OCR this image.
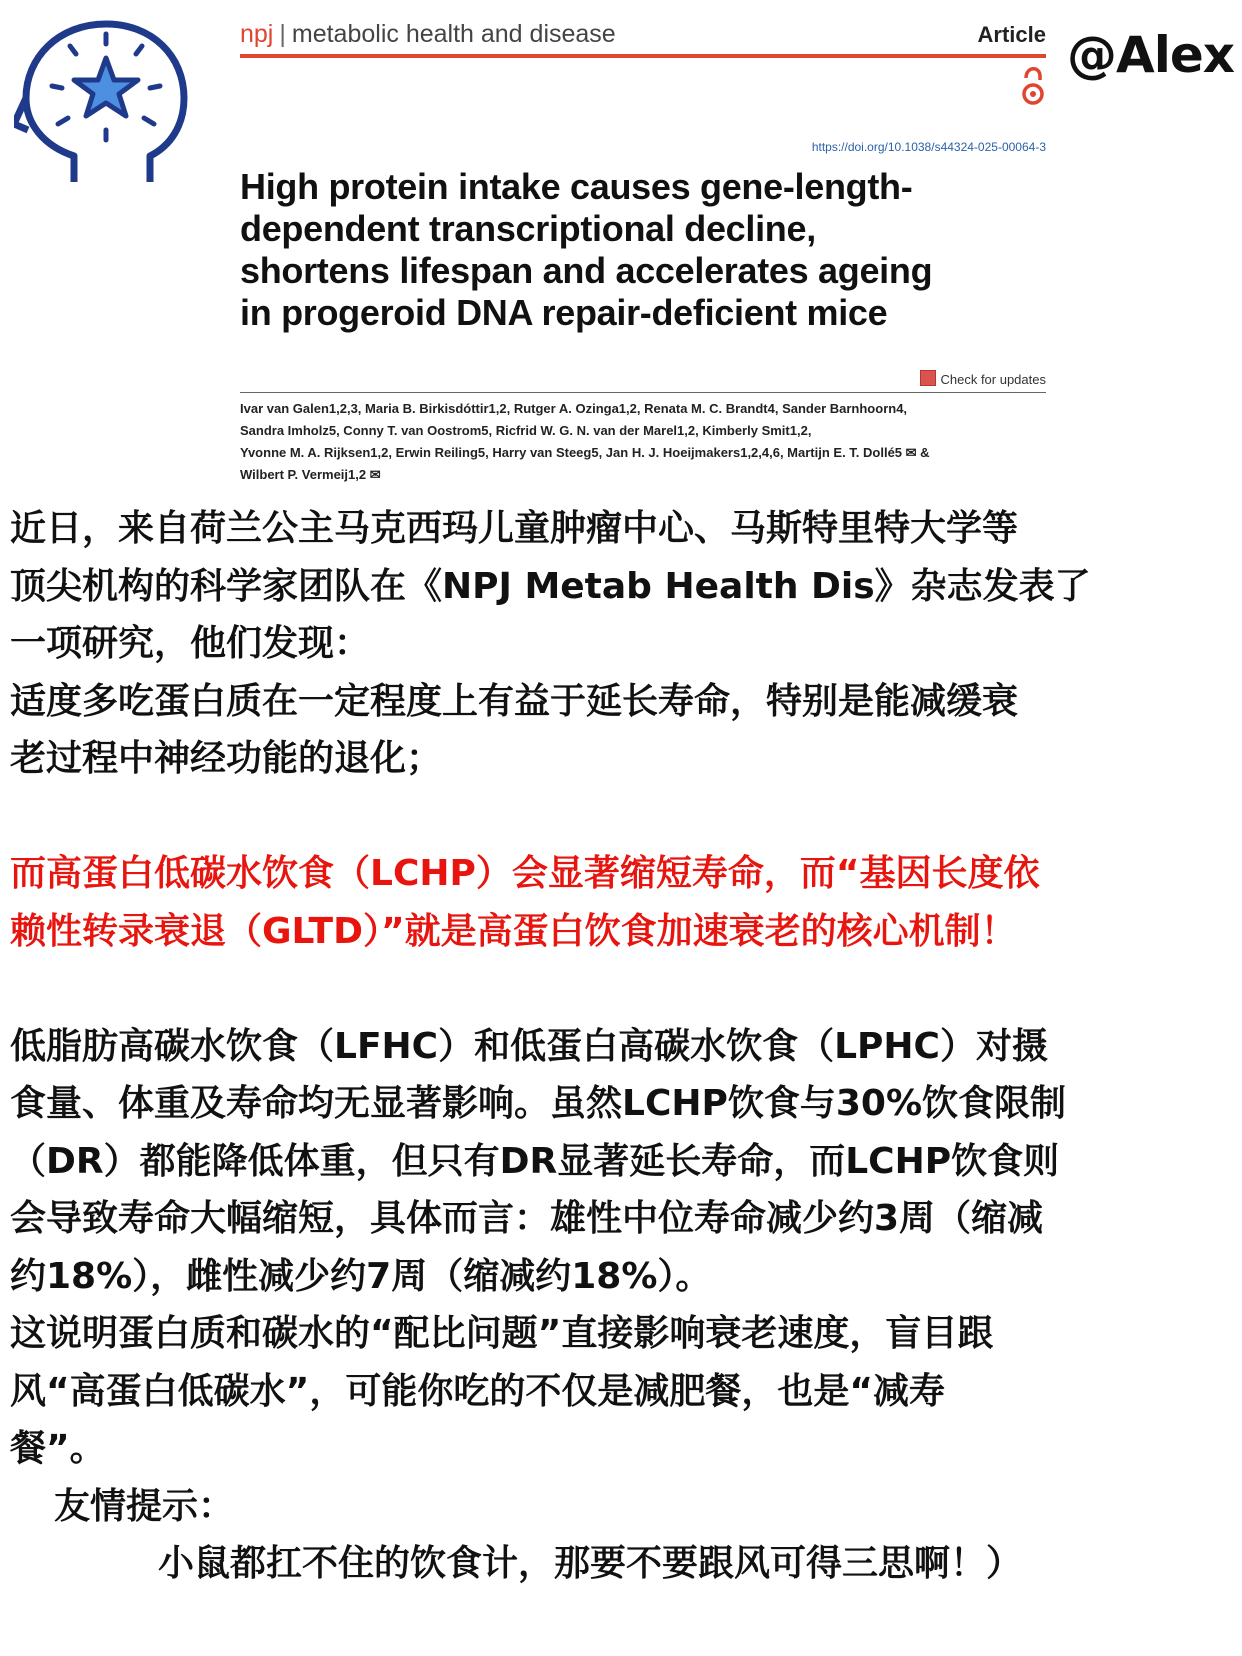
@Alex
npj | metabolic health and disease	Article
https://doi.org/10.1038/s44324-025-00064-3
High protein intake causes gene-length-
dependent transcriptional decline,
shortens lifespan and accelerates ageing
in progeroid DNA repair-deficient mice
Check for updates
Ivar van Galen1,2,3, Maria B. Birkisdóttir1,2, Rutger A. Ozinga1,2, Renata M. C. Brandt4, Sander Barnhoorn4,
Sandra Imholz5, Conny T. van Oostrom5, Ricfrid W. G. N. van der Marel1,2, Kimberly Smit1,2,
Yvonne M. A. Rijksen1,2, Erwin Reiling5, Harry van Steeg5, Jan H. J. Hoeijmakers1,2,4,6, Martijn E. T. Dollé5 ✉ &
Wilbert P. Vermeij1,2 ✉
近日，来自荷兰公主马克西玛儿童肿瘤中心、马斯特里特大学等
顶尖机构的科学家团队在《NPJ Metab Health Dis》杂志发表了
一项研究，他们发现：
适度多吃蛋白质在一定程度上有益于延长寿命，特别是能减缓衰
老过程中神经功能的退化；
而高蛋白低碳水饮食（LCHP）会显著缩短寿命，而“基因长度依
赖性转录衰退（GLTD）”就是高蛋白饮食加速衰老的核心机制！
低脂肪高碳水饮食（LFHC）和低蛋白高碳水饮食（LPHC）对摄
食量、体重及寿命均无显著影响。虽然LCHP饮食与30%饮食限制
（DR）都能降低体重，但只有DR显著延长寿命，而LCHP饮食则
会导致寿命大幅缩短，具体而言：雄性中位寿命减少约3周（缩减
约18%），雌性减少约7周（缩减约18%）。
这说明蛋白质和碳水的“配比问题”直接影响衰老速度，盲目跟
风“高蛋白低碳水”，可能你吃的不仅是减肥餐，也是“减寿
餐”。
友情提示：
小鼠都扛不住的饮食计，那要不要跟风可得三思啊！）
